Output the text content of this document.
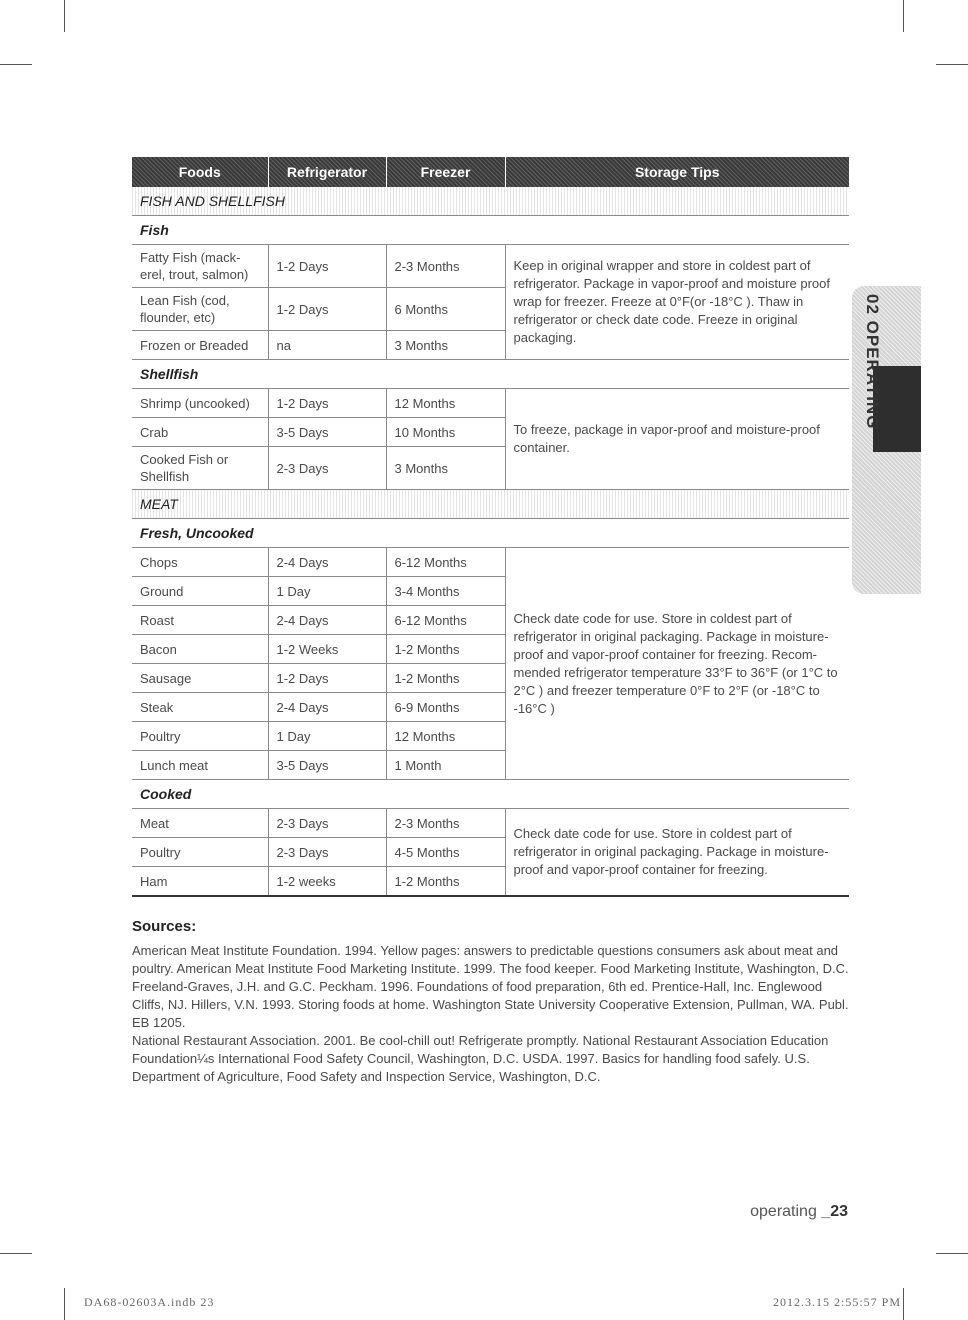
Foods	Refrigerator	Freezer	Storage Tips
FISH AND SHELLFISH			
Fish			
Fatty Fish (mack-erel, trout, salmon)	1-2 Days	2-3 Months	Keep in original wrapper and store in coldest part of refrigerator. Package in vapor-proof and moisture proof wrap for freezer. Freeze at 0°F(or -18°C ). Thaw in refrigerator or check date code. Freeze in original packaging.
Lean Fish (cod, flounder, etc)	1-2 Days	6 Months	
Frozen or Breaded	na	3 Months	
Shellfish			
Shrimp (uncooked)	1-2 Days	12 Months	To freeze, package in vapor-proof and moisture-proof container.
Crab	3-5 Days	10 Months	
Cooked Fish or Shellfish	2-3 Days	3 Months	
MEAT			
Fresh, Uncooked			
Chops	2-4 Days	6-12 Months	Check date code for use. Store in coldest part of refrigerator in original packaging. Package in moisture-proof and vapor-proof container for freezing. Recom-mended refrigerator temperature 33°F to 36°F (or 1°C to 2°C ) and freezer temperature 0°F to 2°F (or -18°C to -16°C )
Ground	1 Day	3-4 Months	
Roast	2-4 Days	6-12 Months	
Bacon	1-2 Weeks	1-2 Months	
Sausage	1-2 Days	1-2 Months	
Steak	2-4 Days	6-9 Months	
Poultry	1 Day	12 Months	
Lunch meat	3-5 Days	1 Month	
Cooked			
Meat	2-3 Days	2-3 Months	Check date code for use. Store in coldest part of refrigerator in original packaging. Package in moisture-proof and vapor-proof container for freezing.
Poultry	2-3 Days	4-5 Months	
Ham	1-2 weeks	1-2 Months	
02 OPERATING
Sources:

American Meat Institute Foundation. 1994. Yellow pages: answers to predictable questions consumers ask about meat and poultry. American Meat Institute Food Marketing Institute. 1999. The food keeper. Food Marketing Institute, Washington, D.C. Freeland-Graves, J.H. and G.C. Peckham. 1996. Foundations of food preparation, 6th ed. Prentice-Hall, Inc. Englewood Cliffs, NJ. Hillers, V.N. 1993. Storing foods at home. Washington State University Cooperative Extension, Pullman, WA. Publ. EB 1205.

National Restaurant Association. 2001. Be cool-chill out! Refrigerate promptly. National Restaurant Association Education Foundation¼s International Food Safety Council, Washington, D.C. USDA. 1997. Basics for handling food safely. U.S. Department of Agriculture, Food Safety and Inspection Service, Washington, D.C.

operating _23
DA68-02603A.indb 23	2012.3.15 2:55:57 PM
